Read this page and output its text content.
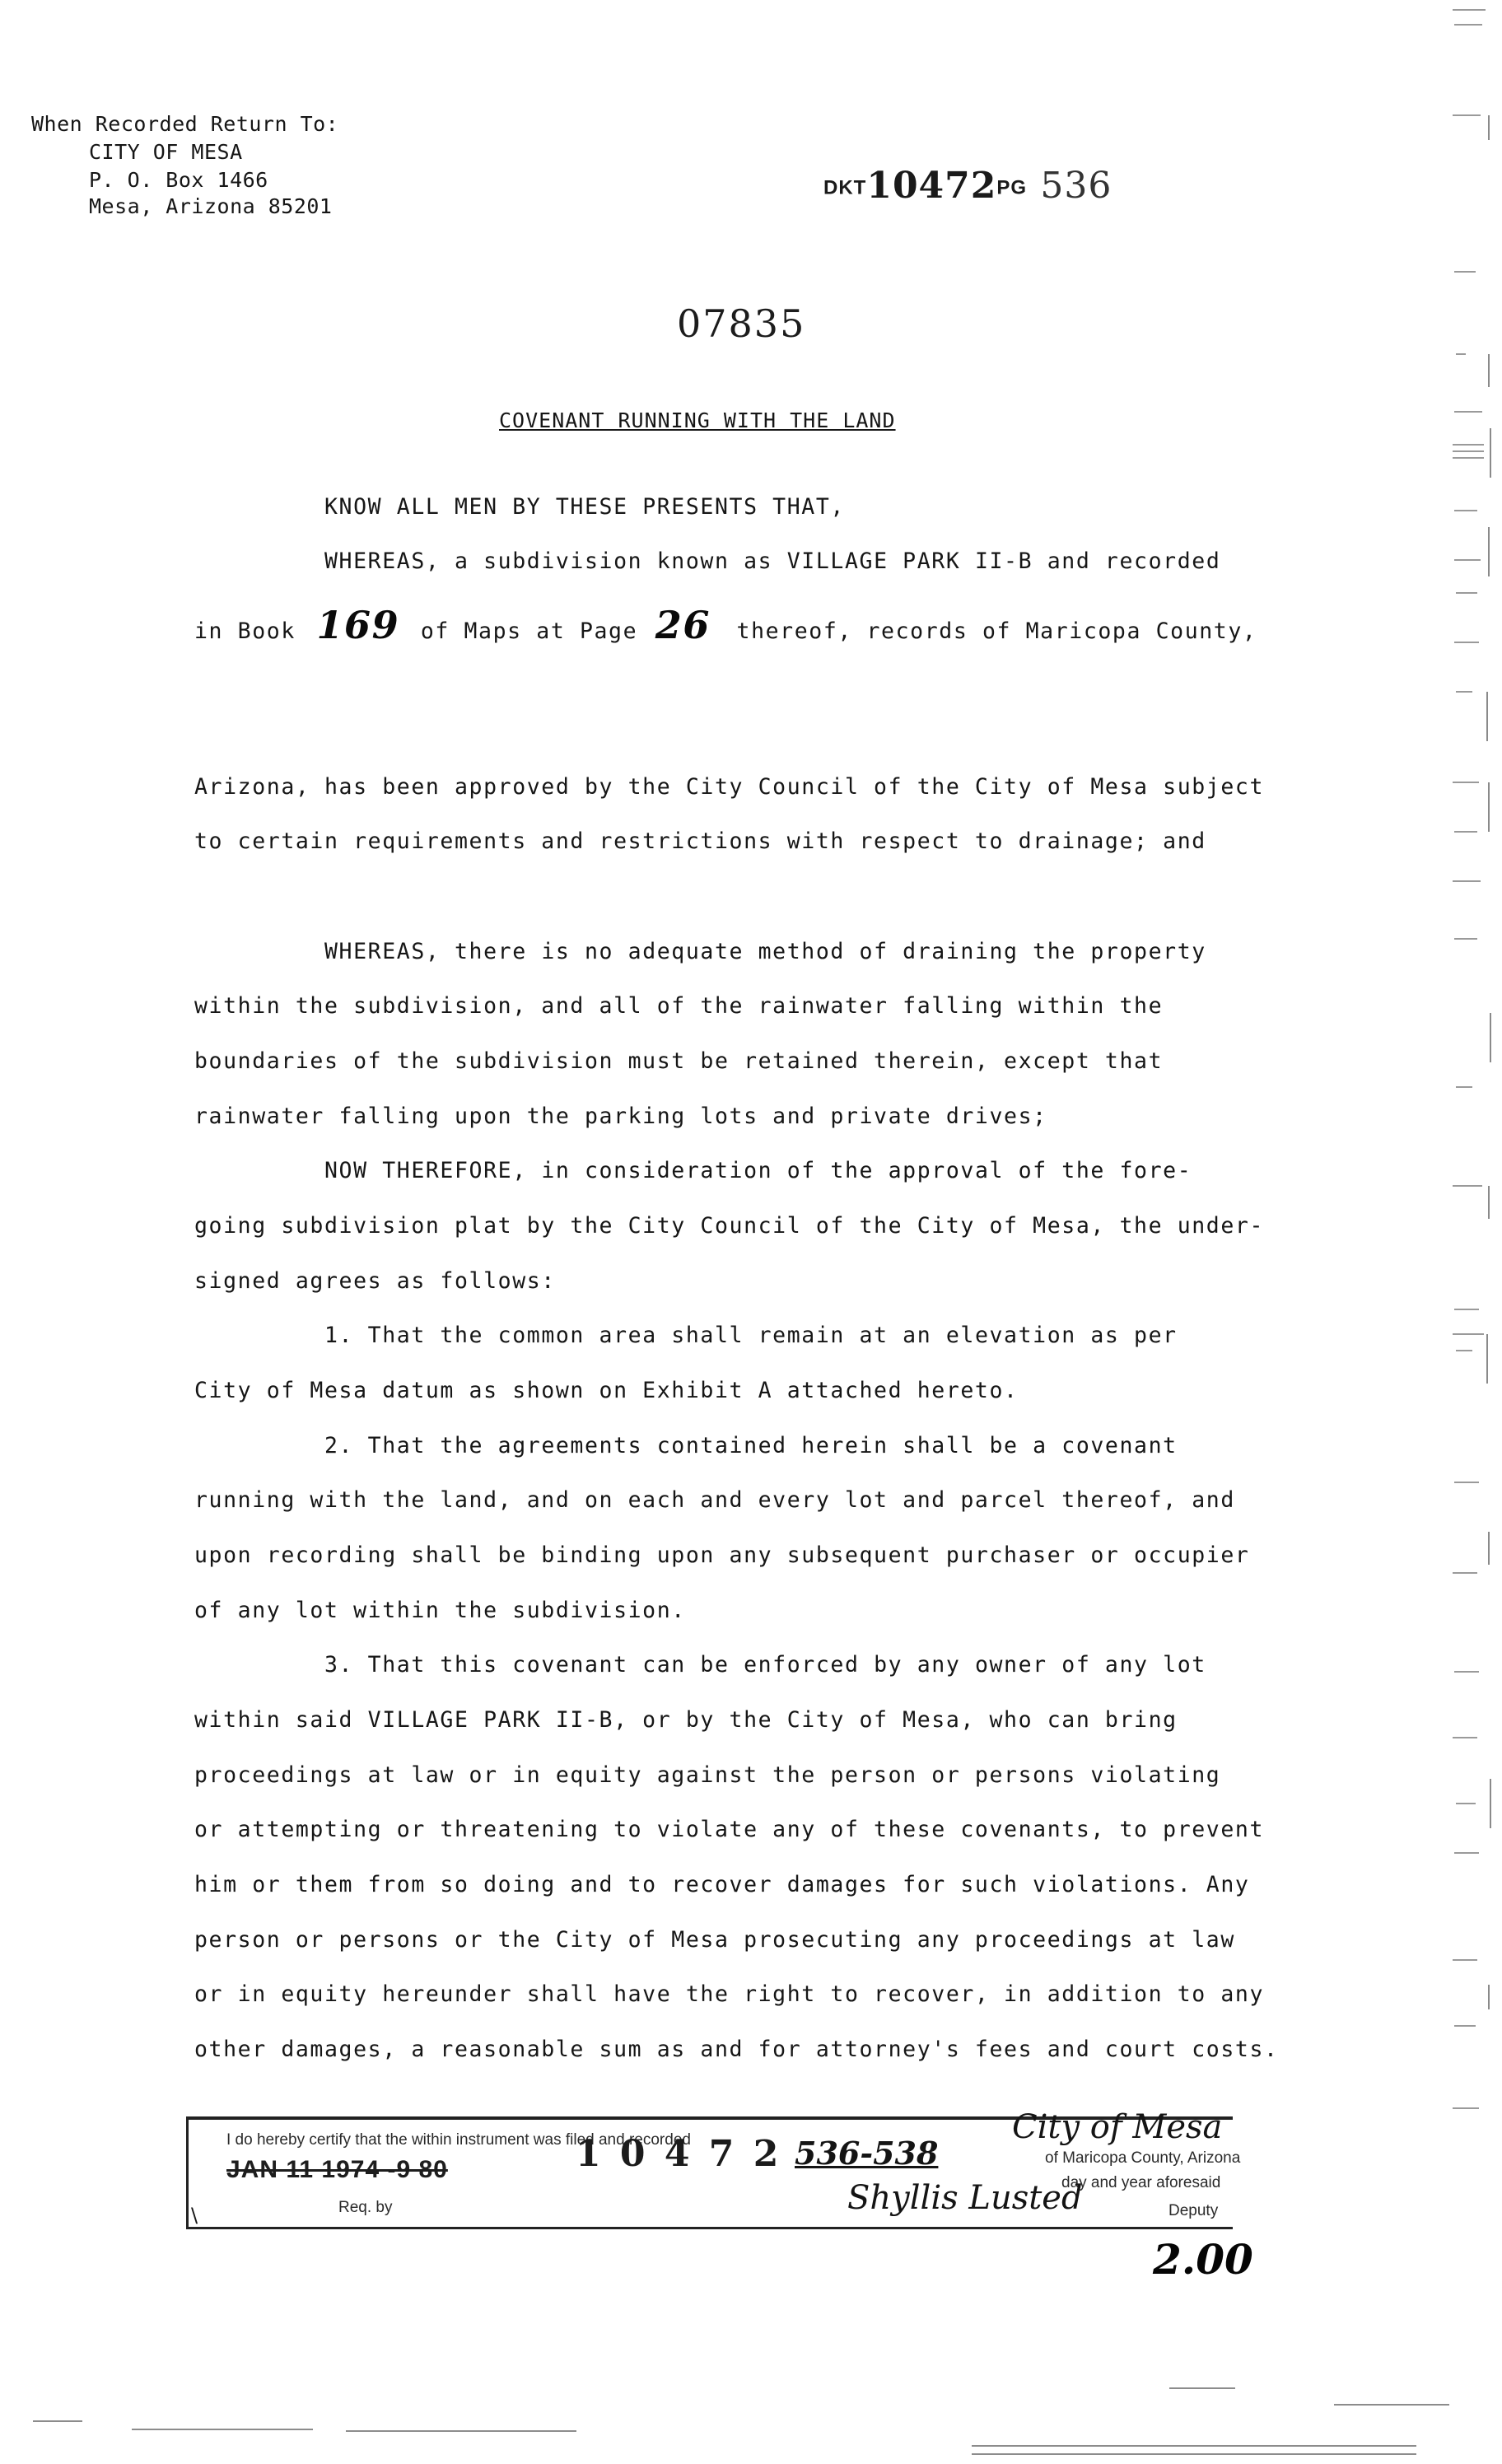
When Recorded Return To:
CITY OF MESA
P. O. Box 1466
Mesa, Arizona 85201
DKT10472PG 536
07835
COVENANT RUNNING WITH THE LAND
KNOW ALL MEN BY THESE PRESENTS THAT,
WHEREAS, a subdivision known as VILLAGE PARK II-B and recorded
WHEREAS, there is no adequate method of draining the property
to certain requirements and restrictions with respect to drainage; and
Arizona, has been approved by the City Council of the City of Mesa subject
within the subdivision, and all of the rainwater falling within the
boundaries of the subdivision must be retained therein, except that
rainwater falling upon the parking lots and private drives;
NOW THEREFORE, in consideration of the approval of the fore-
going subdivision plat by the City Council of the City of Mesa, the under-
signed agrees as follows:
1. That the common area shall remain at an elevation as per
City of Mesa datum as shown on Exhibit A attached hereto.
2. That the agreements contained herein shall be a covenant
running with the land, and on each and every lot and parcel thereof, and
upon recording shall be binding upon any subsequent purchaser or occupier
of any lot within the subdivision.
3. That this covenant can be enforced by any owner of any lot
within said VILLAGE PARK II-B, or by the City of Mesa, who can bring
proceedings at law or in equity against the person or persons violating
or attempting or threatening to violate any of these covenants, to prevent
him or them from so doing and to recover damages for such violations. Any
person or persons or the City of Mesa prosecuting any proceedings at law
or in equity hereunder shall have the right to recover, in addition to any
other damages, a reasonable sum as and for attorney's fees and court costs.
in Book 169 of Maps at Page 26 thereof, records of Maricopa County,
I do hereby certify that the within instrument was filed and recorded
JAN 11 1974 -9 80
Req. by
1 0 4 7 2 536-538
City of Mesa
of Maricopa County, Arizona
day and year aforesaid
Shyllis Lusted	Deputy
\
2.00
